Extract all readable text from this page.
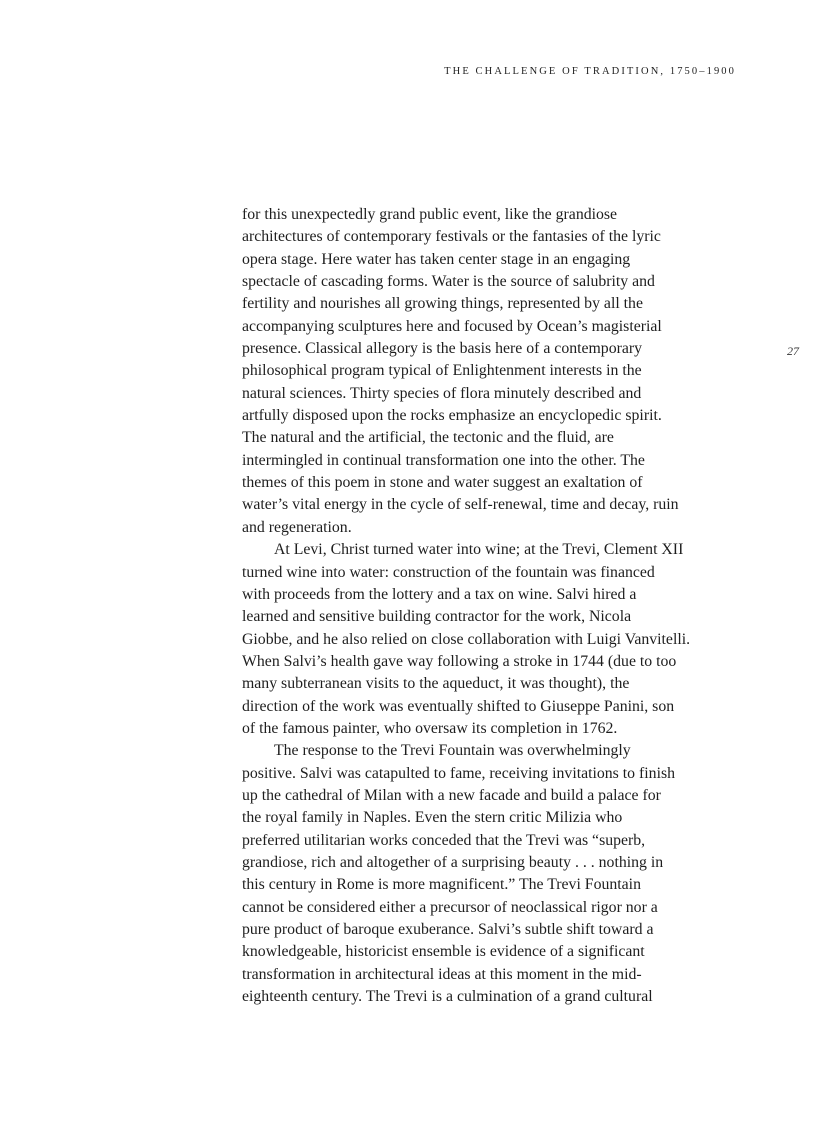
THE CHALLENGE OF TRADITION, 1750–1900
27
for this unexpectedly grand public event, like the grandiose
architectures of contemporary festivals or the fantasies of the lyric
opera stage. Here water has taken center stage in an engaging
spectacle of cascading forms. Water is the source of salubrity and
fertility and nourishes all growing things, represented by all the
accompanying sculptures here and focused by Ocean’s magisterial
presence. Classical allegory is the basis here of a contemporary
philosophical program typical of Enlightenment interests in the
natural sciences. Thirty species of flora minutely described and
artfully disposed upon the rocks emphasize an encyclopedic spirit.
The natural and the artificial, the tectonic and the fluid, are
intermingled in continual transformation one into the other. The
themes of this poem in stone and water suggest an exaltation of
water’s vital energy in the cycle of self-renewal, time and decay, ruin
and regeneration.
At Levi, Christ turned water into wine; at the Trevi, Clement XII
turned wine into water: construction of the fountain was financed
with proceeds from the lottery and a tax on wine. Salvi hired a
learned and sensitive building contractor for the work, Nicola
Giobbe, and he also relied on close collaboration with Luigi Vanvitelli.
When Salvi’s health gave way following a stroke in 1744 (due to too
many subterranean visits to the aqueduct, it was thought), the
direction of the work was eventually shifted to Giuseppe Panini, son
of the famous painter, who oversaw its completion in 1762.
The response to the Trevi Fountain was overwhelmingly
positive. Salvi was catapulted to fame, receiving invitations to finish
up the cathedral of Milan with a new facade and build a palace for
the royal family in Naples. Even the stern critic Milizia who
preferred utilitarian works conceded that the Trevi was “superb,
grandiose, rich and altogether of a surprising beauty . . . nothing in
this century in Rome is more magnificent.” The Trevi Fountain
cannot be considered either a precursor of neoclassical rigor nor a
pure product of baroque exuberance. Salvi’s subtle shift toward a
knowledgeable, historicist ensemble is evidence of a significant
transformation in architectural ideas at this moment in the mid-
eighteenth century. The Trevi is a culmination of a grand cultural
